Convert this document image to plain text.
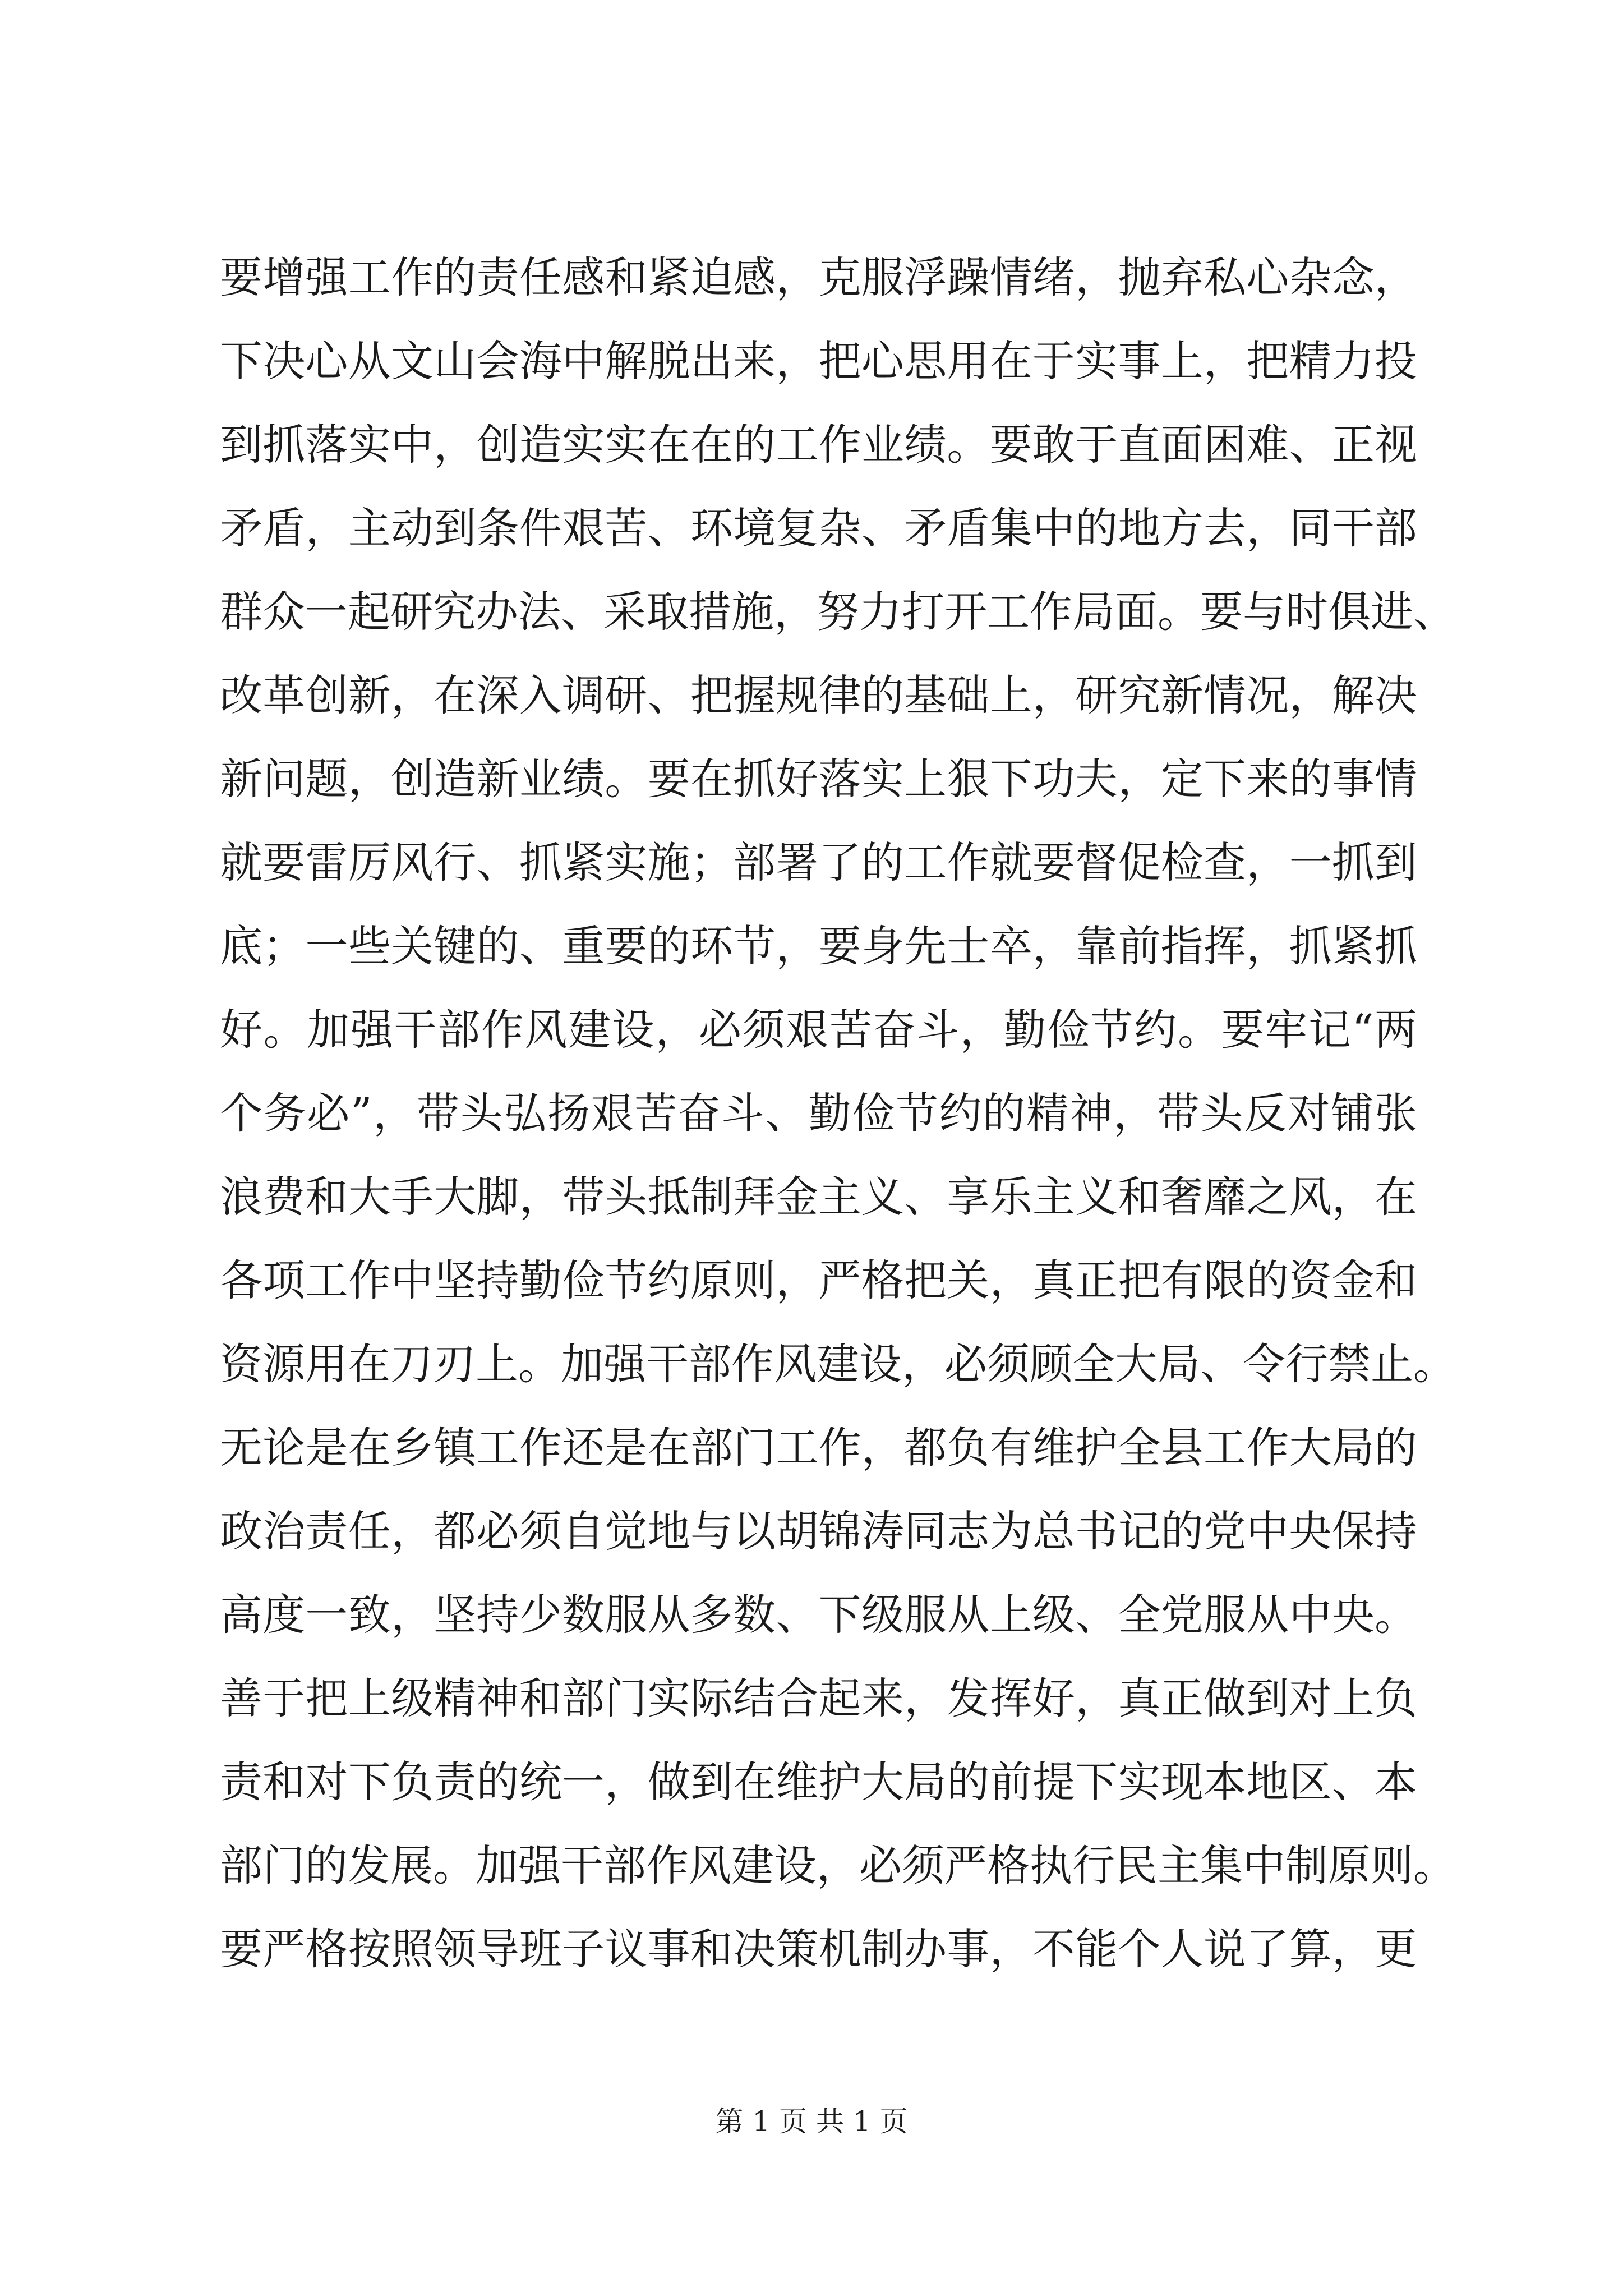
要增强工作的责任感和紧迫感，克服浮躁情绪，抛弃私心杂念，
下决心从文山会海中解脱出来，把心思用在于实事上，把精力投
到抓落实中，创造实实在在的工作业绩。要敢于直面困难、正视
矛盾，主动到条件艰苦、环境复杂、矛盾集中的地方去，同干部
群众一起研究办法、采取措施，努力打开工作局面。要与时俱进、
改革创新，在深入调研、把握规律的基础上，研究新情况，解决
新问题，创造新业绩。要在抓好落实上狠下功夫，定下来的事情
就要雷厉风行、抓紧实施；部署了的工作就要督促检查，一抓到
底；一些关键的、重要的环节，要身先士卒，靠前指挥，抓紧抓
好。加强干部作风建设，必须艰苦奋斗，勤俭节约。要牢记“两
个务必”，带头弘扬艰苦奋斗、勤俭节约的精神，带头反对铺张
浪费和大手大脚，带头抵制拜金主义、享乐主义和奢靡之风，在
各项工作中坚持勤俭节约原则，严格把关，真正把有限的资金和
资源用在刀刃上。加强干部作风建设，必须顾全大局、令行禁止。
无论是在乡镇工作还是在部门工作，都负有维护全县工作大局的
政治责任，都必须自觉地与以胡锦涛同志为总书记的党中央保持
高度一致，坚持少数服从多数、下级服从上级、全党服从中央。
善于把上级精神和部门实际结合起来，发挥好，真正做到对上负
责和对下负责的统一，做到在维护大局的前提下实现本地区、本
部门的发展。加强干部作风建设，必须严格执行民主集中制原则。
要严格按照领导班子议事和决策机制办事，不能个人说了算，更
第 1 页 共 1 页
